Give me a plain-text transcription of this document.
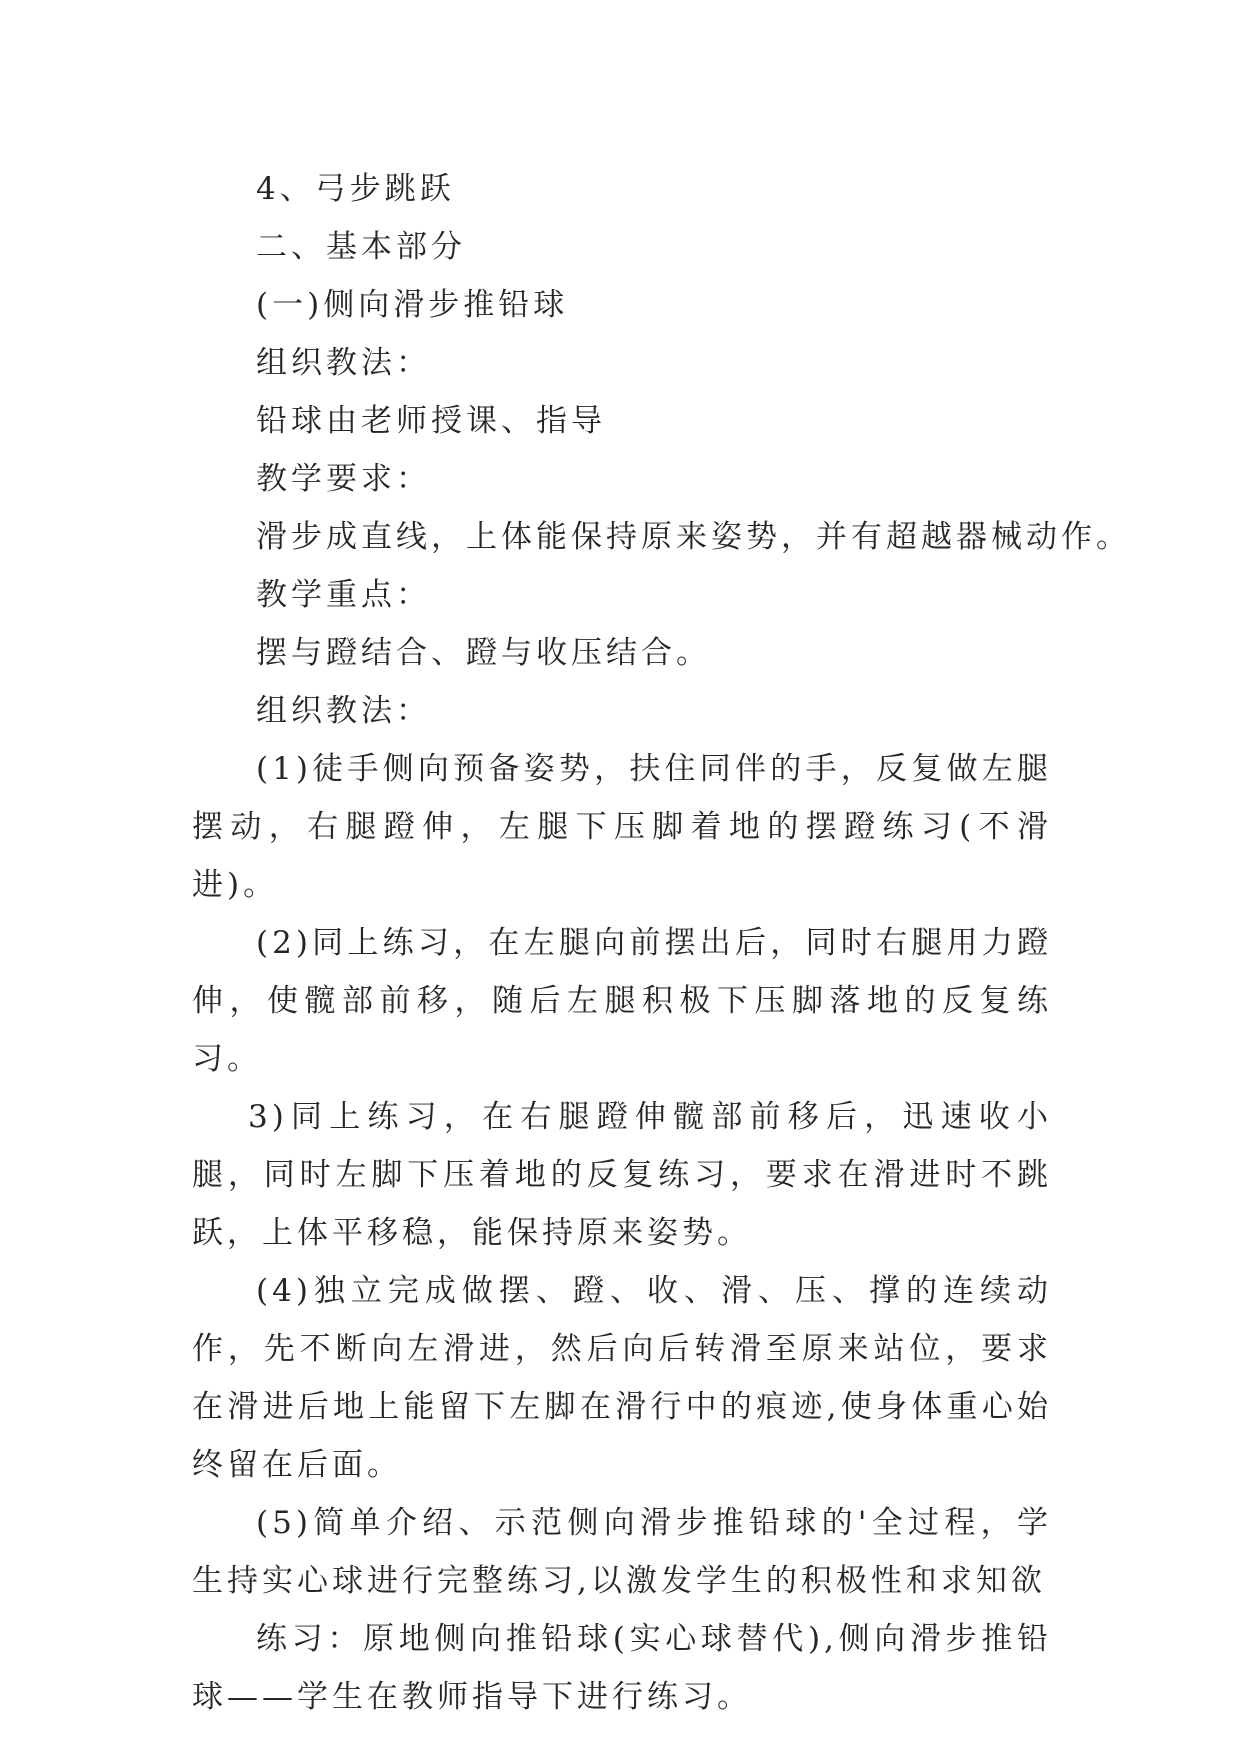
4、弓步跳跃
二、基本部分
(一)侧向滑步推铅球
组织教法：
铅球由老师授课、指导
教学要求：
滑步成直线，上体能保持原来姿势，并有超越器械动作。
教学重点：
摆与蹬结合、蹬与收压结合。
组织教法：

(1)徒手侧向预备姿势，扶住同伴的手，反复做左腿摆动，右腿蹬伸，左腿下压脚着地的摆蹬练习(不滑进)。

(2)同上练习，在左腿向前摆出后，同时右腿用力蹬伸，使髋部前移，随后左腿积极下压脚落地的反复练习。

3)同上练习，在右腿蹬伸髋部前移后，迅速收小腿，同时左脚下压着地的反复练习，要求在滑进时不跳跃，上体平移稳，能保持原来姿势。

(4)独立完成做摆、蹬、收、滑、压、撑的连续动作，先不断向左滑进，然后向后转滑至原来站位，要求在滑进后地上能留下左脚在滑行中的痕迹,使身体重心始终留在后面。

(5)简单介绍、示范侧向滑步推铅球的'全过程，学生持实心球进行完整练习,以激发学生的积极性和求知欲

练习：原地侧向推铅球(实心球替代),侧向滑步推铅球——学生在教师指导下进行练习。
